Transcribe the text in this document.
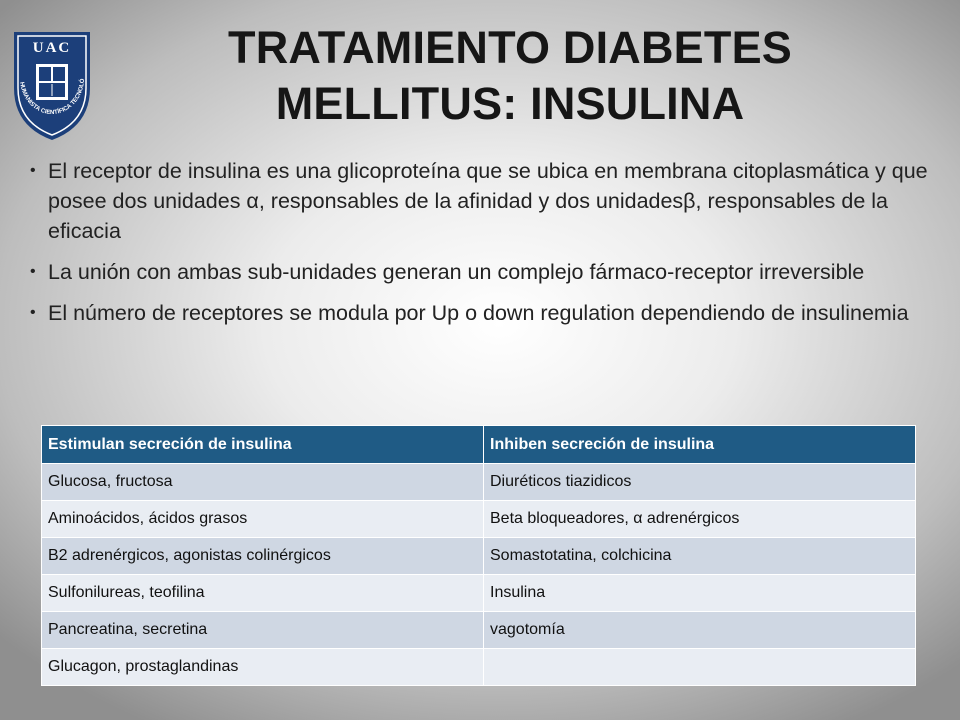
UAC
HUMANISTA CIENTÍFICA TECNOLÓ
TRATAMIENTO DIABETES
MELLITUS: INSULINA
• El receptor de insulina es una glicoproteína que se ubica en membrana citoplasmática y que posee dos unidades α, responsables de la afinidad y dos unidadesβ, responsables de la eficacia
• La unión con ambas sub-unidades generan un complejo fármaco-receptor irreversible
• El número de receptores se modula por Up o down regulation dependiendo de insulinemia
Estimulan secreción de insulina	Inhiben secreción de insulina
Glucosa, fructosa	Diuréticos tiazidicos
Aminoácidos, ácidos grasos	Beta bloqueadores, α adrenérgicos
B2 adrenérgicos, agonistas colinérgicos	Somastotatina, colchicina
Sulfonilureas, teofilina	Insulina
Pancreatina, secretina	vagotomía
Glucagon, prostaglandinas	
